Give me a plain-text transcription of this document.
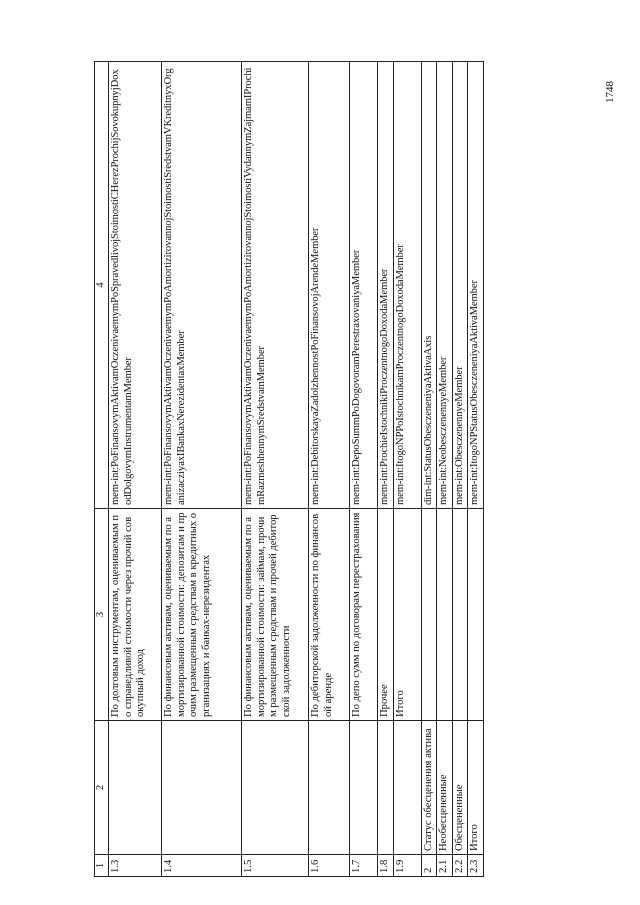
1748
1	2	3	4
1.3		По долговым инструментам, оцениваемым по справедливой стоимости через прочий совокупный доход	mem-int:PoFinansovymAktivamOczenivaemymPoSpravedlivojStoimostiCHerezProchijSovokupnyjDoxodDolgovymInstrumentamMember
1.4		По финансовым активам, оцениваемым по амортизированной стоимости: депозитам и прочим размещенным средствам в кредитных организациях и банках-нерезидентах	mem-int:PoFinansovymAktivamOczenivaemymPoAmortizirovannojStoimostiSredstvamVKreditnyxOrganizacziyaxIBankaxNerezidentaxMember
1.5		По финансовым активам, оцениваемым по амортизированной стоимости: займам, прочим размещенным средствам и прочей дебиторской задолженности	mem-int:PoFinansovymAktivamOczenivaemymPoAmortizirovannojStoimostiVydannymZajmamIProchimRazmeshhennymSredstvamMember
1.6		По дебиторской задолженности по финансовой аренде	mem-int:DebitorskayaZadolzhennostPoFinansovojArendeMember
1.7		По депо сумм по договорам перестрахования	mem-int:DepoSummPoDogovoramPerestraxovaniyaMember
1.8		Прочее	mem-int:ProchieIstochnikiProczentnogoDoxodaMember
1.9		Итого	mem-int:ItogoNPPoIstochnikamProczentnogoDoxodaMember
2	Статус обесценения актива		dim-int:StatusObesczeneniyaAktivaAxis
2.1	Необесцененные		mem-int:NeobesczenennyeMember
2.2	Обесцененные		mem-int:ObesczenennyeMember
2.3	Итого		mem-int:ItogoNPStatusObesczeneniyaAktivaMember
